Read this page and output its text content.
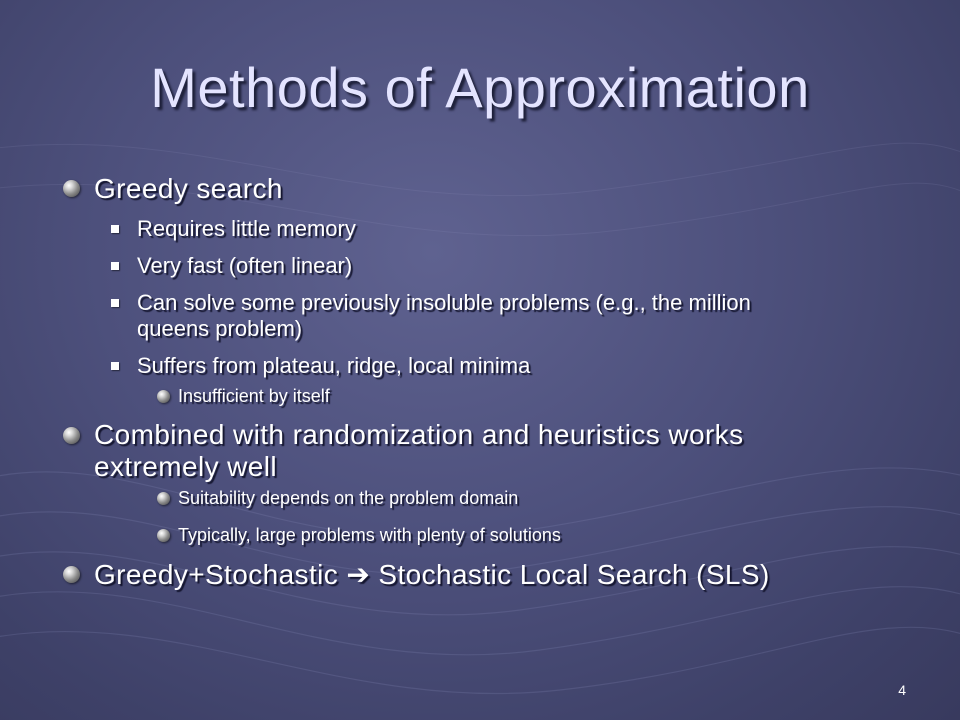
Methods of Approximation
Greedy search
Requires little memory
Very fast (often linear)
Can solve some previously insoluble problems (e.g., the million
queens problem)
Suffers from plateau, ridge, local minima
Insufficient by itself
Combined with randomization and heuristics works
extremely well
Suitability depends on the problem domain
Typically, large problems with plenty of solutions
Greedy+Stochastic ➔ Stochastic Local Search (SLS)
4
